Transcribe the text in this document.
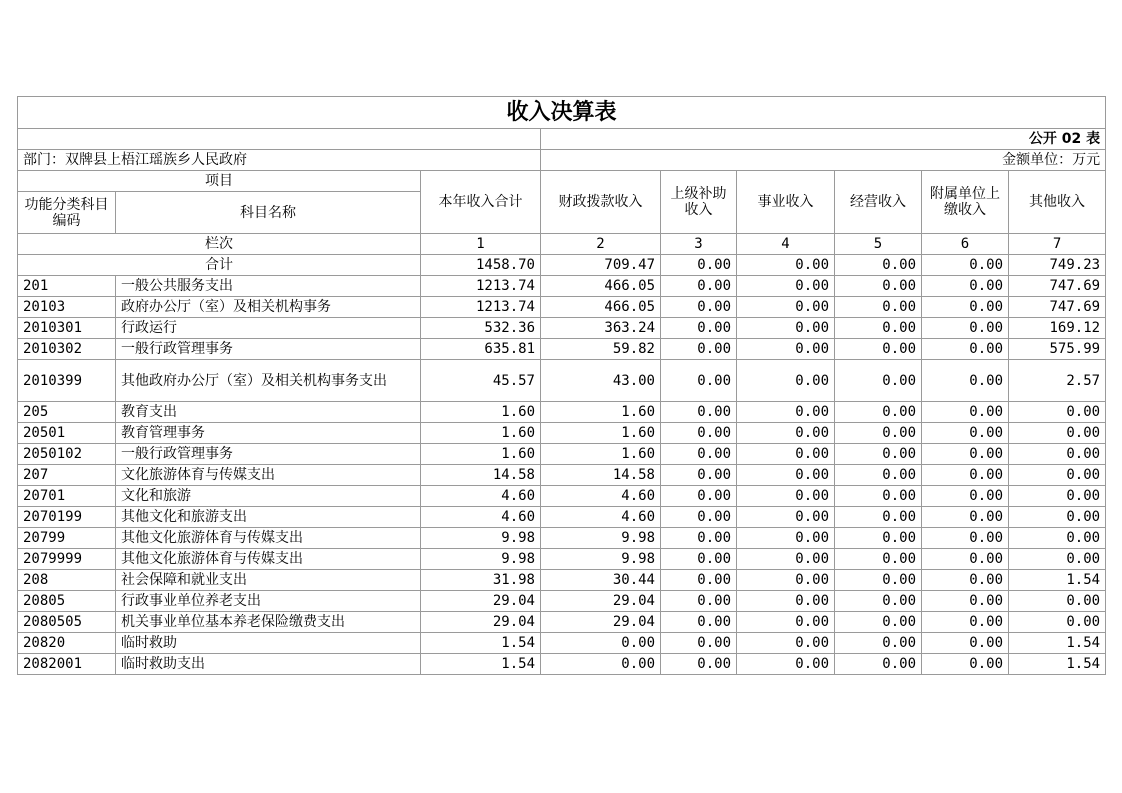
收入决算表								
			公开 02 表					
部门：双牌县上梧江瑶族乡人民政府			金额单位：万元					
项目		本年收入合计	财政拨款收入	上级补助收入	事业收入	经营收入	附属单位上缴收入	其他收入
功能分类科目编码	科目名称							
栏次		1	2	3	4	5	6	7
合计		1458.70	709.47	0.00	0.00	0.00	0.00	749.23
201	一般公共服务支出	1213.74	466.05	0.00	0.00	0.00	0.00	747.69
20103	政府办公厅（室）及相关机构事务	1213.74	466.05	0.00	0.00	0.00	0.00	747.69
2010301	行政运行	532.36	363.24	0.00	0.00	0.00	0.00	169.12
2010302	一般行政管理事务	635.81	59.82	0.00	0.00	0.00	0.00	575.99
2010399	其他政府办公厅（室）及相关机构事务支出	45.57	43.00	0.00	0.00	0.00	0.00	2.57
205	教育支出	1.60	1.60	0.00	0.00	0.00	0.00	0.00
20501	教育管理事务	1.60	1.60	0.00	0.00	0.00	0.00	0.00
2050102	一般行政管理事务	1.60	1.60	0.00	0.00	0.00	0.00	0.00
207	文化旅游体育与传媒支出	14.58	14.58	0.00	0.00	0.00	0.00	0.00
20701	文化和旅游	4.60	4.60	0.00	0.00	0.00	0.00	0.00
2070199	其他文化和旅游支出	4.60	4.60	0.00	0.00	0.00	0.00	0.00
20799	其他文化旅游体育与传媒支出	9.98	9.98	0.00	0.00	0.00	0.00	0.00
2079999	其他文化旅游体育与传媒支出	9.98	9.98	0.00	0.00	0.00	0.00	0.00
208	社会保障和就业支出	31.98	30.44	0.00	0.00	0.00	0.00	1.54
20805	行政事业单位养老支出	29.04	29.04	0.00	0.00	0.00	0.00	0.00
2080505	机关事业单位基本养老保险缴费支出	29.04	29.04	0.00	0.00	0.00	0.00	0.00
20820	临时救助	1.54	0.00	0.00	0.00	0.00	0.00	1.54
2082001	临时救助支出	1.54	0.00	0.00	0.00	0.00	0.00	1.54
